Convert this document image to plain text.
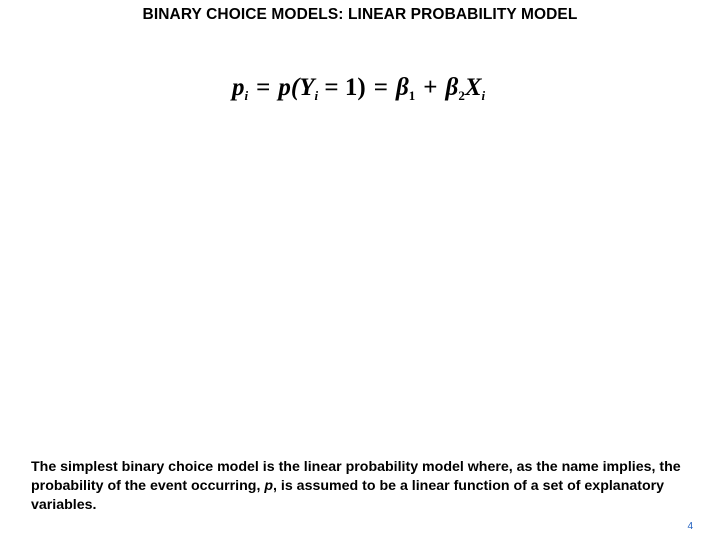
BINARY CHOICE MODELS: LINEAR PROBABILITY MODEL
$p_i = p(Y_i = 1) = \beta_1 + \beta_2X_i$
The simplest binary choice model is the linear probability model where, as the name implies, the probability of the event occurring, p, is assumed to be a linear function of a set of explanatory variables.
4
